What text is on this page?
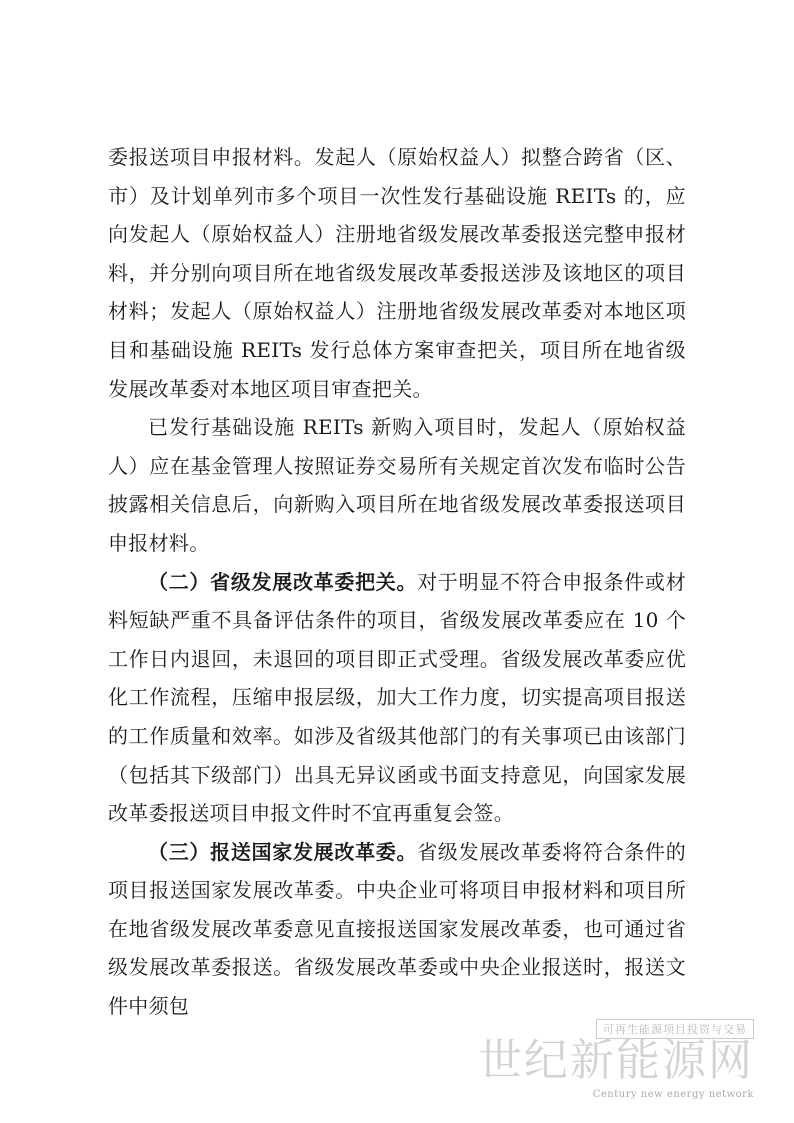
委报送项目申报材料。发起人（原始权益人）拟整合跨省（区、市）及计划单列市多个项目一次性发行基础设施 REITs 的，应向发起人（原始权益人）注册地省级发展改革委报送完整申报材料，并分别向项目所在地省级发展改革委报送涉及该地区的项目材料；发起人（原始权益人）注册地省级发展改革委对本地区项目和基础设施 REITs 发行总体方案审查把关，项目所在地省级发展改革委对本地区项目审查把关。

已发行基础设施 REITs 新购入项目时，发起人（原始权益人）应在基金管理人按照证券交易所有关规定首次发布临时公告披露相关信息后，向新购入项目所在地省级发展改革委报送项目申报材料。

（二）省级发展改革委把关。对于明显不符合申报条件或材料短缺严重不具备评估条件的项目，省级发展改革委应在 10 个工作日内退回，未退回的项目即正式受理。省级发展改革委应优化工作流程，压缩申报层级，加大工作力度，切实提高项目报送的工作质量和效率。如涉及省级其他部门的有关事项已由该部门（包括其下级部门）出具无异议函或书面支持意见，向国家发展改革委报送项目申报文件时不宜再重复会签。

（三）报送国家发展改革委。省级发展改革委将符合条件的项目报送国家发展改革委。中央企业可将项目申报材料和项目所在地省级发展改革委意见直接报送国家发展改革委，也可通过省级发展改革委报送。省级发展改革委或中央企业报送时，报送文件中须包

可再生能源项目投资与交易
世纪新能源网
Century new energy network
